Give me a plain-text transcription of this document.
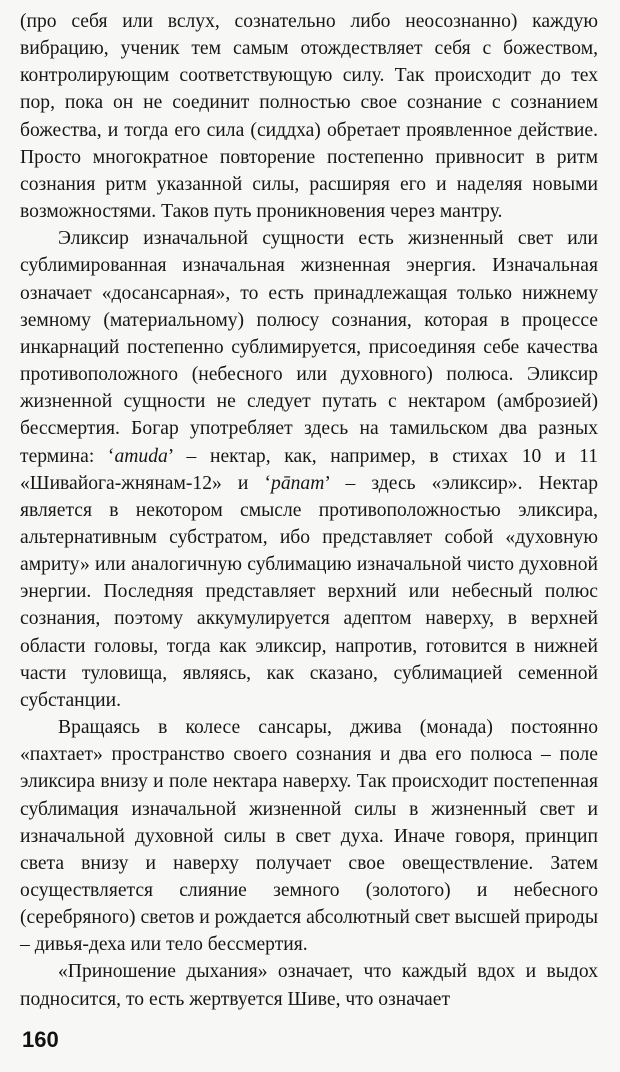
(про себя или вслух, сознательно либо неосознанно) каждую вибрацию, ученик тем самым отождествляет себя с божеством, контролирующим соответствующую силу. Так происходит до тех пор, пока он не соединит полностью свое сознание с сознанием божества, и тогда его сила (сиддха) обретает проявленное действие. Просто многократное повторение постепенно привносит в ритм сознания ритм указанной силы, расширяя его и наделяя новыми возможностями. Таков путь проникновения через мантру.

Эликсир изначальной сущности есть жизненный свет или сублимированная изначальная жизненная энергия. Изначальная означает «досансарная», то есть принадлежащая только нижнему земному (материальному) полюсу сознания, которая в процессе инкарнаций постепенно сублимируется, присоединяя себе качества противоположного (небесного или духовного) полюса. Эликсир жизненной сущности не следует путать с нектаром (амброзией) бессмертия. Богар употребляет здесь на тамильском два разных термина: ‘amuda’ – нектар, как, например, в стихах 10 и 11 «Шивайога-жнянам-12» и ‘pānam’ – здесь «эликсир». Нектар является в некотором смысле противоположностью эликсира, альтернативным субстратом, ибо представляет собой «духовную амриту» или аналогичную сублимацию изначальной чисто духовной энергии. Последняя представляет верхний или небесный полюс сознания, поэтому аккумулируется адептом наверху, в верхней области головы, тогда как эликсир, напротив, готовится в нижней части туловища, являясь, как сказано, сублимацией семенной субстанции.

Вращаясь в колесе сансары, джива (монада) постоянно «пахтает» пространство своего сознания и два его полюса – поле эликсира внизу и поле нектара наверху. Так происходит постепенная сублимация изначальной жизненной силы в жизненный свет и изначальной духовной силы в свет духа. Иначе говоря, принцип света внизу и наверху получает свое овеществление. Затем осуществляется слияние земного (золотого) и небесного (серебряного) светов и рождается абсолютный свет высшей природы – дивья-деха или тело бессмертия.

«Приношение дыхания» означает, что каждый вдох и выдох подносится, то есть жертвуется Шиве, что означает

160
